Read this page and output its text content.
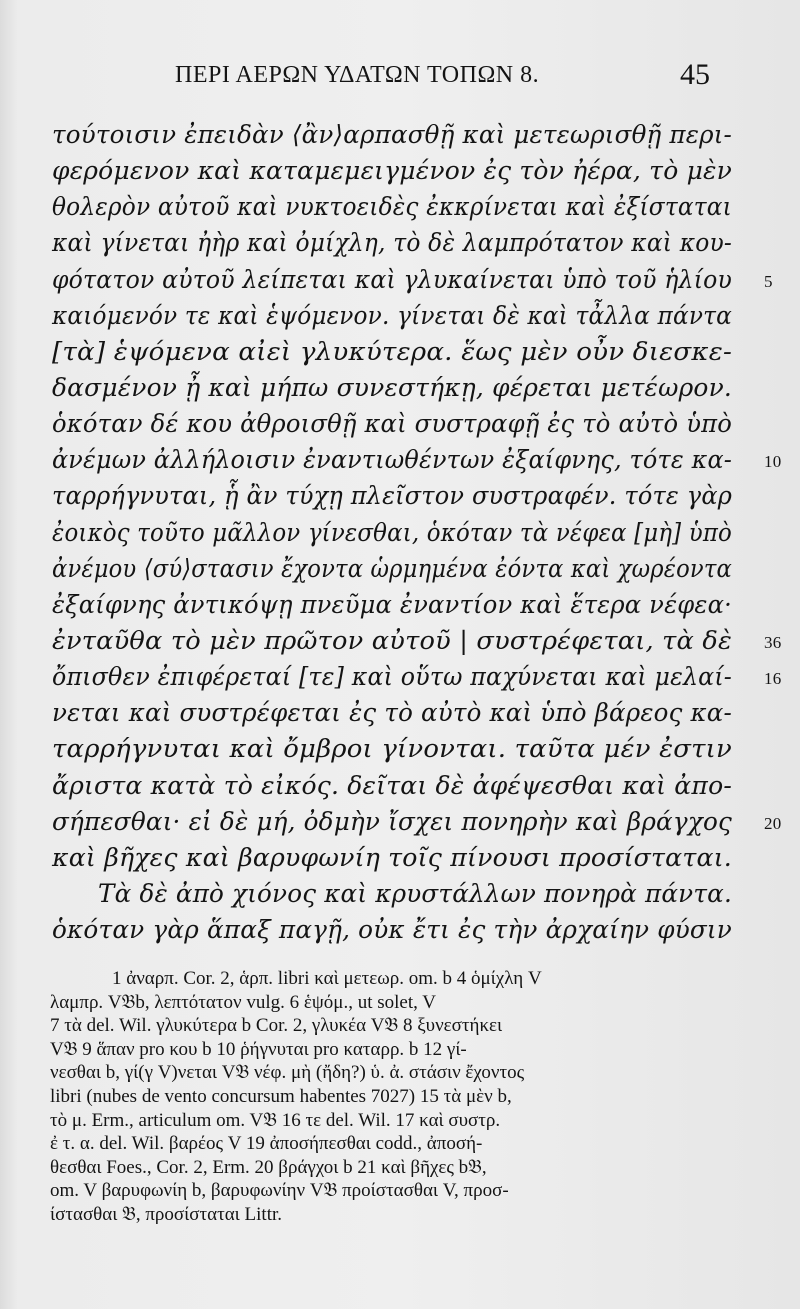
ΠΕΡΙ ΑΕΡΩΝ ΥΔΑΤΩΝ ΤΟΠΩΝ 8.	45
τούτοισιν ἐπειδὰν ⟨ἂν⟩αρπασθῇ καὶ μετεωρισθῇ περι-
φερόμενον καὶ καταμεμειγμένον ἐς τὸν ἠέρα, τὸ μὲν
θολερὸν αὐτοῦ καὶ νυκτοειδὲς ἐκκρίνεται καὶ ἐξίσταται
καὶ γίνεται ἠὴρ καὶ ὀμίχλη, τὸ δὲ λαμπρότατον καὶ κου-
φότατον αὐτοῦ λείπεται καὶ γλυκαίνεται ὑπὸ τοῦ ἡλίου 5
καιόμενόν τε καὶ ἑψόμενον. γίνεται δὲ καὶ τἆλλα πάντα
[τὰ] ἑψόμενα αἰεὶ γλυκύτερα. ἕως μὲν οὖν διεσκε-
δασμένον ᾖ καὶ μήπω συνεστήκῃ, φέρεται μετέωρον.
ὁκόταν δέ κου ἀθροισθῇ καὶ συστραφῇ ἐς τὸ αὐτὸ ὑπὸ
ἀνέμων ἀλλήλοισιν ἐναντιωθέντων ἐξαίφνης, τότε κα- 10
ταρρήγνυται, ᾗ ἂν τύχῃ πλεῖστον συστραφέν. τότε γὰρ
ἐοικὸς τοῦτο μᾶλλον γίνεσθαι, ὁκόταν τὰ νέφεα [μὴ] ὑπὸ
ἀνέμου ⟨σύ⟩στασιν ἔχοντα ὡρμημένα ἐόντα καὶ χωρέοντα
ἐξαίφνης ἀντικόψῃ πνεῦμα ἐναντίον καὶ ἕτερα νέφεα·
ἐνταῦθα τὸ μὲν πρῶτον αὐτοῦ | συστρέφεται, τὰ δὲ 36
ὄπισθεν ἐπιφέρεταί [τε] καὶ οὕτω παχύνεται καὶ μελαί- 16
νεται καὶ συστρέφεται ἐς τὸ αὐτὸ καὶ ὑπὸ βάρεος κα-
ταρρήγνυται καὶ ὄμβροι γίνονται. ταῦτα μέν ἐστιν
ἄριστα κατὰ τὸ εἰκός. δεῖται δὲ ἀφέψεσθαι καὶ ἀπο-
σήπεσθαι· εἰ δὲ μή, ὀδμὴν ἴσχει πονηρὴν καὶ βράγχος 20
καὶ βῆχες καὶ βαρυφωνίη τοῖς πίνουσι προσίσταται.
Τὰ δὲ ἀπὸ χιόνος καὶ κρυστάλλων πονηρὰ πάντα.
ὁκόταν γὰρ ἅπαξ παγῇ, οὐκ ἔτι ἐς τὴν ἀρχαίην φύσιν
1 ἀναρπ. Cor. 2, ἁρπ. libri καὶ μετεωρ. om. b 4 ὁμίχλη V
λαμπρ. V𝔅b, λεπτότατον vulg. 6 ἑψόμ., ut solet, V
7 τὰ del. Wil. γλυκύτερα b Cor. 2, γλυκέα V𝔅 8 ξυνεστήκει
V𝔅 9 ἅπαν pro κου b 10 ῥήγνυται pro καταρρ. b 12 γί-
νεσθαι b, γί(γ V)νεται V𝔅 νέφ. μὴ (ἤδη?) ὑ. ἀ. στάσιν ἔχοντος
libri (nubes de vento concursum habentes 7027) 15 τὰ μὲν b,
τὸ μ. Erm., articulum om. V𝔅 16 τε del. Wil. 17 καὶ συστρ.
ἐ τ. α. del. Wil. βαρέος V 19 ἀποσήπεσθαι codd., ἀποσή-
θεσθαι Foes., Cor. 2, Erm. 20 βράγχοι b 21 καὶ βῆχες b𝔅,
om. V βαρυφωνίη b, βαρυφωνίην V𝔅 προίστασθαι V, προσ-
ίστασθαι 𝔅, προσίσταται Littr.
